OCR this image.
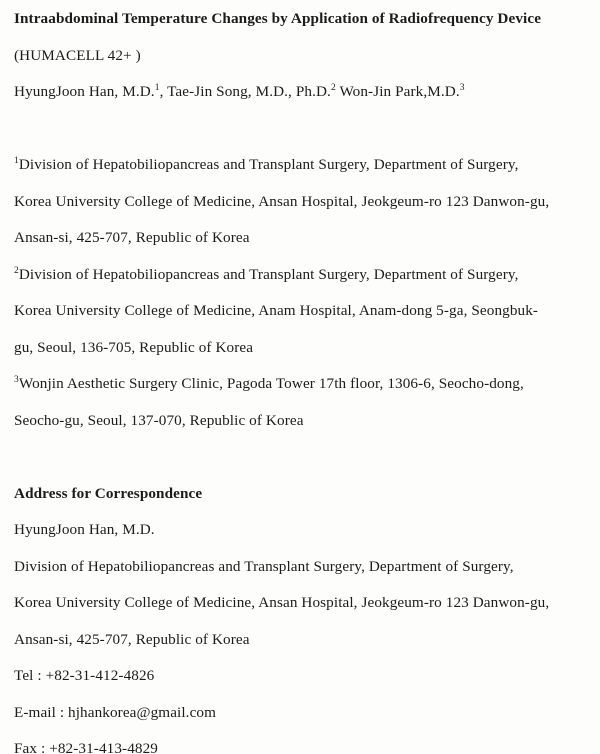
Intraabdominal Temperature Changes by Application of Radiofrequency Device

(HUMACELL 42+ )

HyungJoon Han, M.D.$^1$, Tae-Jin Song, M.D., Ph.D.$^2$ Won-Jin Park,M.D.$^3$

$^1$Division of Hepatobiliopancreas and Transplant Surgery, Department of Surgery,

Korea University College of Medicine, Ansan Hospital, Jeokgeum-ro 123 Danwon-gu,

Ansan-si, 425-707, Republic of Korea

$^2$Division of Hepatobiliopancreas and Transplant Surgery, Department of Surgery,

Korea University College of Medicine, Anam Hospital, Anam-dong 5-ga, Seongbuk-

gu, Seoul, 136-705, Republic of Korea

$^3$Wonjin Aesthetic Surgery Clinic, Pagoda Tower 17th floor, 1306-6, Seocho-dong,

Seocho-gu, Seoul, 137-070, Republic of Korea

Address for Correspondence

HyungJoon Han, M.D.

Division of Hepatobiliopancreas and Transplant Surgery, Department of Surgery,

Korea University College of Medicine, Ansan Hospital, Jeokgeum-ro 123 Danwon-gu,

Ansan-si, 425-707, Republic of Korea

Tel : +82-31-412-4826

E-mail : hjhankorea@gmail.com

Fax : +82-31-413-4829
